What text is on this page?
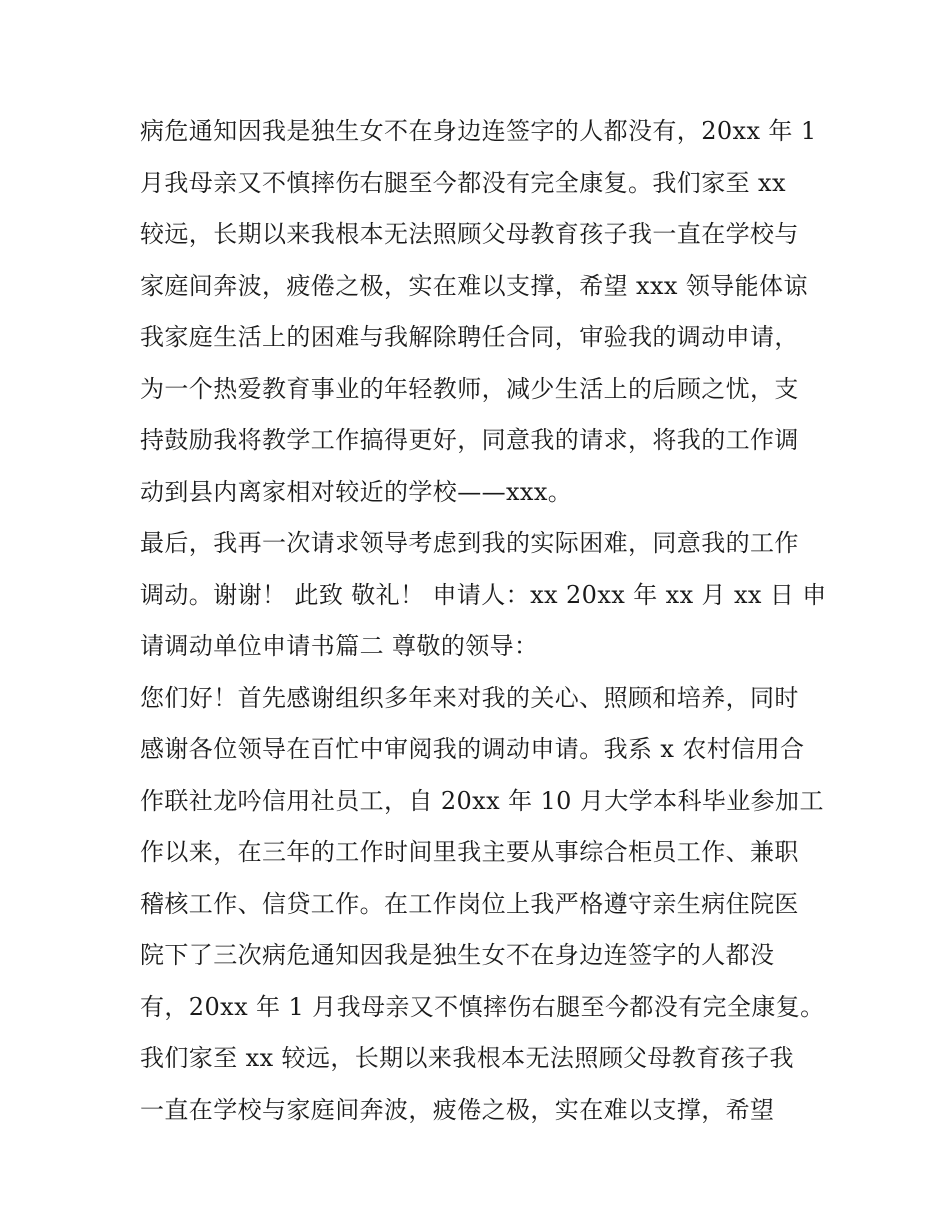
病危通知因我是独生女不在身边连签字的人都没有，20xx 年 1
月我母亲又不慎摔伤右腿至今都没有完全康复。我们家至 xx
较远，长期以来我根本无法照顾父母教育孩子我一直在学校与
家庭间奔波，疲倦之极，实在难以支撑，希望 xxx 领导能体谅
我家庭生活上的困难与我解除聘任合同，审验我的调动申请，
为一个热爱教育事业的年轻教师，减少生活上的后顾之忧，支
持鼓励我将教学工作搞得更好，同意我的请求，将我的工作调
动到县内离家相对较近的学校——xxx。
最后，我再一次请求领导考虑到我的实际困难，同意我的工作
调动。谢谢！ 此致 敬礼！ 申请人：xx 20xx 年 xx 月 xx 日 申
请调动单位申请书篇二 尊敬的领导：
您们好！首先感谢组织多年来对我的关心、照顾和培养，同时
感谢各位领导在百忙中审阅我的调动申请。我系 x 农村信用合
作联社龙吟信用社员工，自 20xx 年 10 月大学本科毕业参加工
作以来，在三年的工作时间里我主要从事综合柜员工作、兼职
稽核工作、信贷工作。在工作岗位上我严格遵守亲生病住院医
院下了三次病危通知因我是独生女不在身边连签字的人都没
有，20xx 年 1 月我母亲又不慎摔伤右腿至今都没有完全康复。
我们家至 xx 较远，长期以来我根本无法照顾父母教育孩子我
一直在学校与家庭间奔波，疲倦之极，实在难以支撑，希望
